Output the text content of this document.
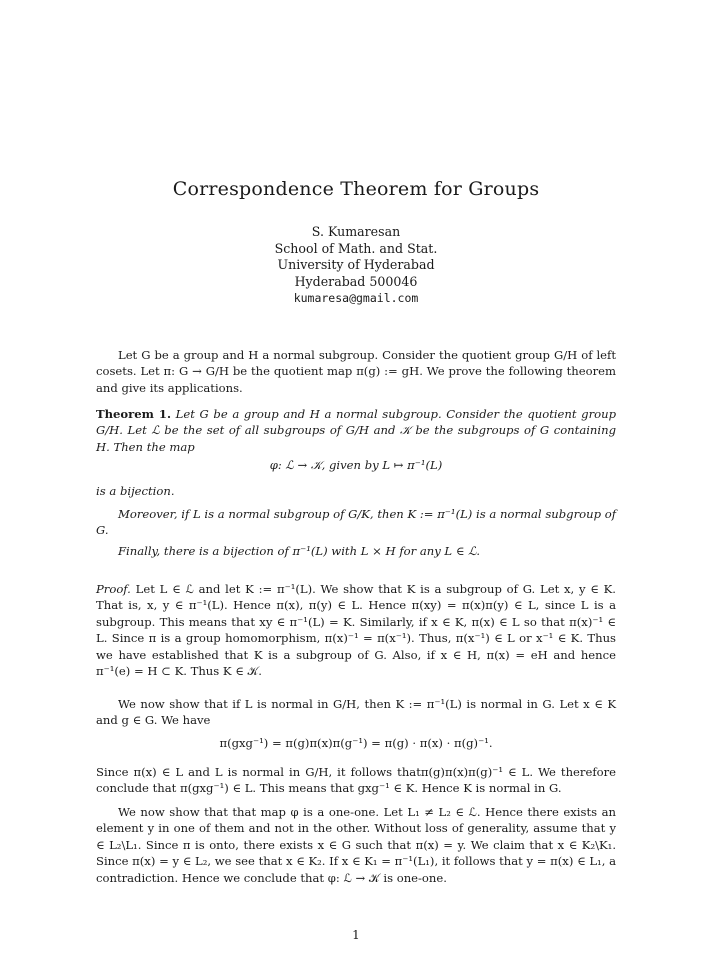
Correspondence Theorem for Groups
S. Kumaresan
School of Math. and Stat.
University of Hyderabad
Hyderabad 500046
kumaresa@gmail.com

Let G be a group and H a normal subgroup. Consider the quotient group G/H of left cosets. Let π: G → G/H be the quotient map π(g) := gH. We prove the following theorem and give its applications.

Theorem 1. Let G be a group and H a normal subgroup. Consider the quotient group G/H. Let ℒ be the set of all subgroups of G/H and 𝒦 be the subgroups of G containing H. Then the map

φ: ℒ → 𝒦, given by L ↦ π⁻¹(L)

is a bijection.

Moreover, if L is a normal subgroup of G/K, then K := π⁻¹(L) is a normal subgroup of G.

Finally, there is a bijection of π⁻¹(L) with L × H for any L ∈ ℒ.

Proof. Let L ∈ ℒ and let K := π⁻¹(L). We show that K is a subgroup of G. Let x, y ∈ K. That is, x, y ∈ π⁻¹(L). Hence π(x), π(y) ∈ L. Hence π(xy) = π(x)π(y) ∈ L, since L is a subgroup. This means that xy ∈ π⁻¹(L) = K. Similarly, if x ∈ K, π(x) ∈ L so that π(x)⁻¹ ∈ L. Since π is a group homomorphism, π(x)⁻¹ = π(x⁻¹). Thus, π(x⁻¹) ∈ L or x⁻¹ ∈ K. Thus we have established that K is a subgroup of G. Also, if x ∈ H, π(x) = eH and hence π⁻¹(e) = H ⊂ K. Thus K ∈ 𝒦.

We now show that if L is normal in G/H, then K := π⁻¹(L) is normal in G. Let x ∈ K and g ∈ G. We have

π(gxg⁻¹) = π(g)π(x)π(g⁻¹) = π(g) · π(x) · π(g)⁻¹.

Since π(x) ∈ L and L is normal in G/H, it follows thatπ(g)π(x)π(g)⁻¹ ∈ L. We therefore conclude that π(gxg⁻¹) ∈ L. This means that gxg⁻¹ ∈ K. Hence K is normal in G.

We now show that that map φ is a one-one. Let L₁ ≠ L₂ ∈ ℒ. Hence there exists an element y in one of them and not in the other. Without loss of generality, assume that y ∈ L₂\L₁. Since π is onto, there exists x ∈ G such that π(x) = y. We claim that x ∈ K₂\K₁. Since π(x) = y ∈ L₂, we see that x ∈ K₂. If x ∈ K₁ = π⁻¹(L₁), it follows that y = π(x) ∈ L₁, a contradiction. Hence we conclude that φ: ℒ → 𝒦 is one-one.

1
